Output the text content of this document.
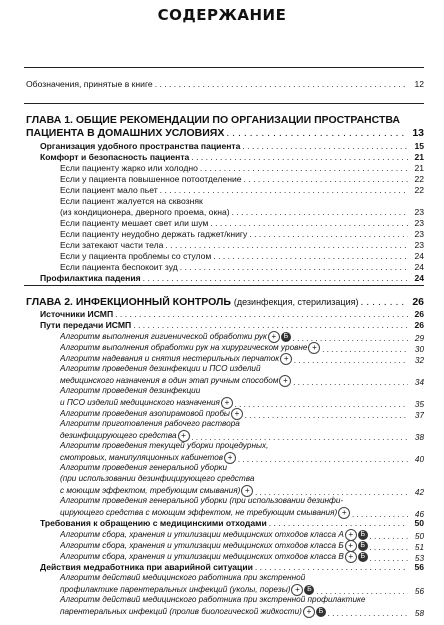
СОДЕРЖАНИЕ
Обозначения, принятые в книге . . .	12
ГЛАВА 1. ОБЩИЕ РЕКОМЕНДАЦИИ ПО ОРГАНИЗАЦИИ ПРОСТРАНСТВА
ПАЦИЕНТА В ДОМАШНИХ УСЛОВИЯХ . . .	13
Организация удобного пространства пациента . . .	15
Комфорт и безопасность пациента . . .	21
Если пациенту жарко или холодно . . .	21
Если у пациента повышенное потоотделение . . .	22
Если пациент мало пьет . . .	22
Если пациент жалуется на сквозняк
(из кондиционера, дверного проема, окна) . . .	23
Если пациенту мешает свет или шум . . .	23
Если пациенту неудобно держать гаджет/книгу . . .	23
Если затекают части тела . . .	23
Если у пациента проблемы со стулом . . .	24
Если пациента беспокоит зуд . . .	24
Профилактика падения . . .	24
ГЛАВА 2. ИНФЕКЦИОННЫЙ КОНТРОЛЬ (дезинфекция, стерилизация) . . .	26
Источники ИСМП . . .	26
Пути передачи ИСМП . . .	26
Алгоритм выполнения гигиенической обработки рук + Б . . .	29
Алгоритм выполнения обработки рук на хирургическом уровне + . . .	30
Алгоритм надевания и снятия нестерильных перчаток + . . .	32
Алгоритм проведения дезинфекции и ПСО изделий
медицинского назначения в один этап ручным способом + . . .	34
Алгоритм проведения дезинфекции
и ПСО изделий медицинского назначения + . . .	35
Алгоритм проведения азопирамовой пробы + . . .	37
Алгоритм приготовления рабочего раствора
дезинфицирующего средства + . . .	38
Алгоритм проведения текущей уборки процедурных,
смотровых, манипуляционных кабинетов + . . .	40
Алгоритм проведения генеральной уборки
(при использовании дезинфицирующего средства
с моющим эффектом, требующим смывания) + . . .	42
Алгоритм проведения генеральной уборки (при использовании дезинфи-
цирующего средства с моющим эффектом, не требующим смывания) + . . .	46
Требования к обращению с медицинскими отходами . . .	50
Алгоритм сбора, хранения и утилизации медицинских отходов класса А + Б . . .	50
Алгоритм сбора, хранения и утилизации медицинских отходов класса Б + Б . . .	51
Алгоритм сбора, хранения и утилизации медицинских отходов класса В + Б . . .	53
Действия медработника при аварийной ситуации . . .	56
Алгоритм действий медицинского работника при экстренной
профилактике парентеральных инфекций (уколы, порезы) + Б . . .	56
Алгоритм действий медицинского работника при экстренной профилактике
парентеральных инфекций (пролив биологической жидкости) + Б . . .	58
